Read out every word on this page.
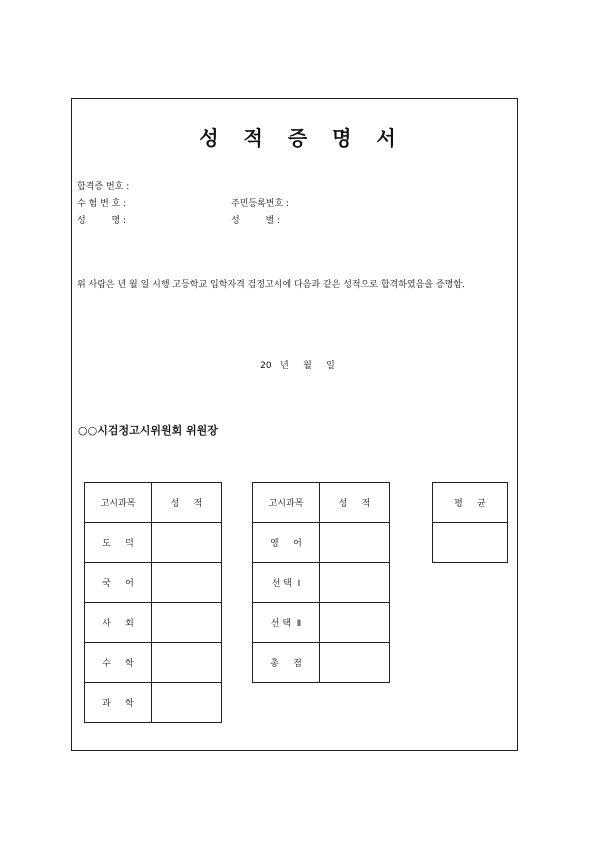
성 적 증 명 서
합격증 번호 :
수 험 번 호 :
성         명 :
주민등록번호 :
성         별 :
위 사람은 년 월 일 시행 고등학교 입학자격 검정고시에 다음과 같은 성적으로 합격하였음을 증명함.
20   년     월     일
○○시검정고시위원회 위원장
고시과목	성     적
도     덕	
국     어	
사     회	
수     학	
과     학	
고시과목	성     적
영     어	
선 택  Ⅰ	
선 택  Ⅱ	
총     점	
평     균
